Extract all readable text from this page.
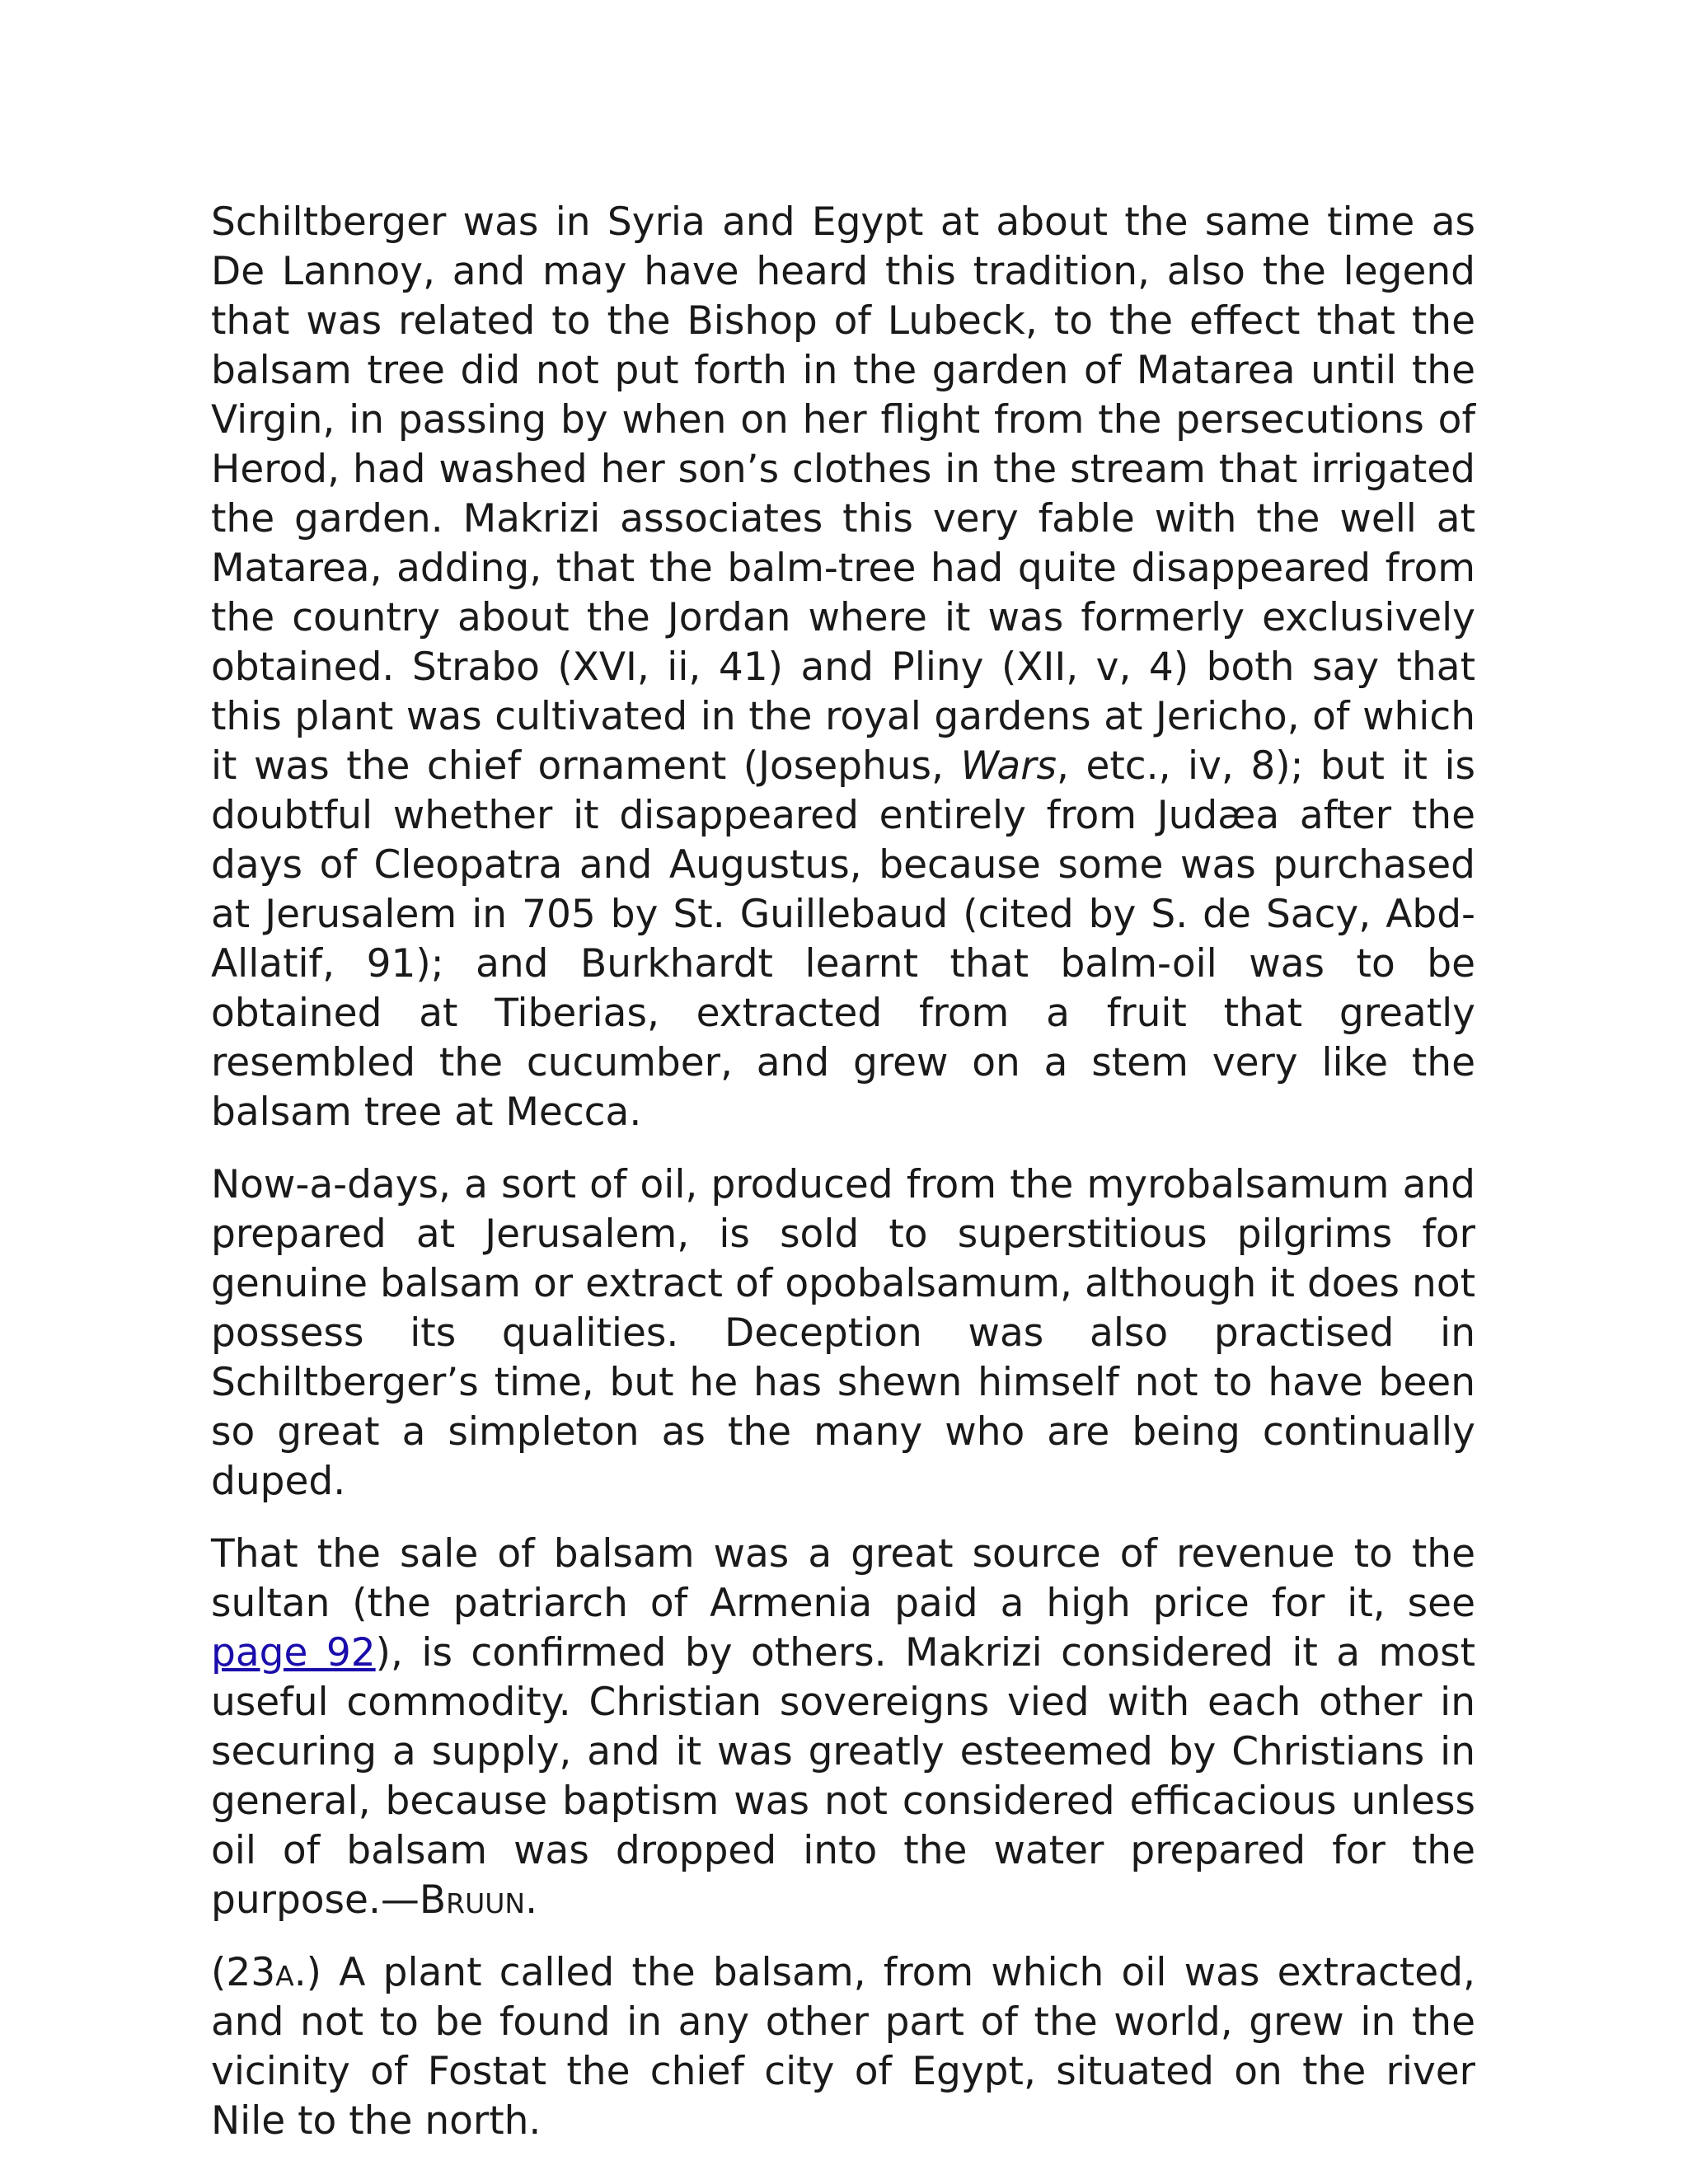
Schiltberger was in Syria and Egypt at about the same time as De Lannoy, and may have heard this tradition, also the legend that was related to the Bishop of Lubeck, to the effect that the balsam tree did not put forth in the garden of Matarea until the Virgin, in passing by when on her flight from the persecutions of Herod, had washed her son’s clothes in the stream that irrigated the garden. Makrizi associates this very fable with the well at Matarea, adding, that the balm-tree had quite disappeared from the country about the Jordan where it was formerly exclusively obtained. Strabo (XVI, ii, 41) and Pliny (XII, v, 4) both say that this plant was cultivated in the royal gardens at Jericho, of which it was the chief ornament (Josephus, Wars, etc., iv, 8); but it is doubtful whether it disappeared entirely from Judæa after the days of Cleopatra and Augustus, because some was purchased at Jerusalem in 705 by St. Guillebaud (cited by S. de Sacy, Abd-Allatif, 91); and Burkhardt learnt that balm-oil was to be obtained at Tiberias, extracted from a fruit that greatly resembled the cucumber, and grew on a stem very like the balsam tree at Mecca.

Now-a-days, a sort of oil, produced from the myrobalsamum and prepared at Jerusalem, is sold to superstitious pilgrims for genuine balsam or extract of opobalsamum, although it does not possess its qualities. Deception was also practised in Schiltberger’s time, but he has shewn himself not to have been so great a simpleton as the many who are being continually duped.

That the sale of balsam was a great source of revenue to the sultan (the patriarch of Armenia paid a high price for it, see page 92), is confirmed by others. Makrizi considered it a most useful commodity. Christian sovereigns vied with each other in securing a supply, and it was greatly esteemed by Christians in general, because baptism was not considered efficacious unless oil of balsam was dropped into the water prepared for the purpose.—Bruun.

(23a.) A plant called the balsam, from which oil was extracted, and not to be found in any other part of the world, grew in the vicinity of Fostat the chief city of Egypt, situated on the river Nile to the north.
